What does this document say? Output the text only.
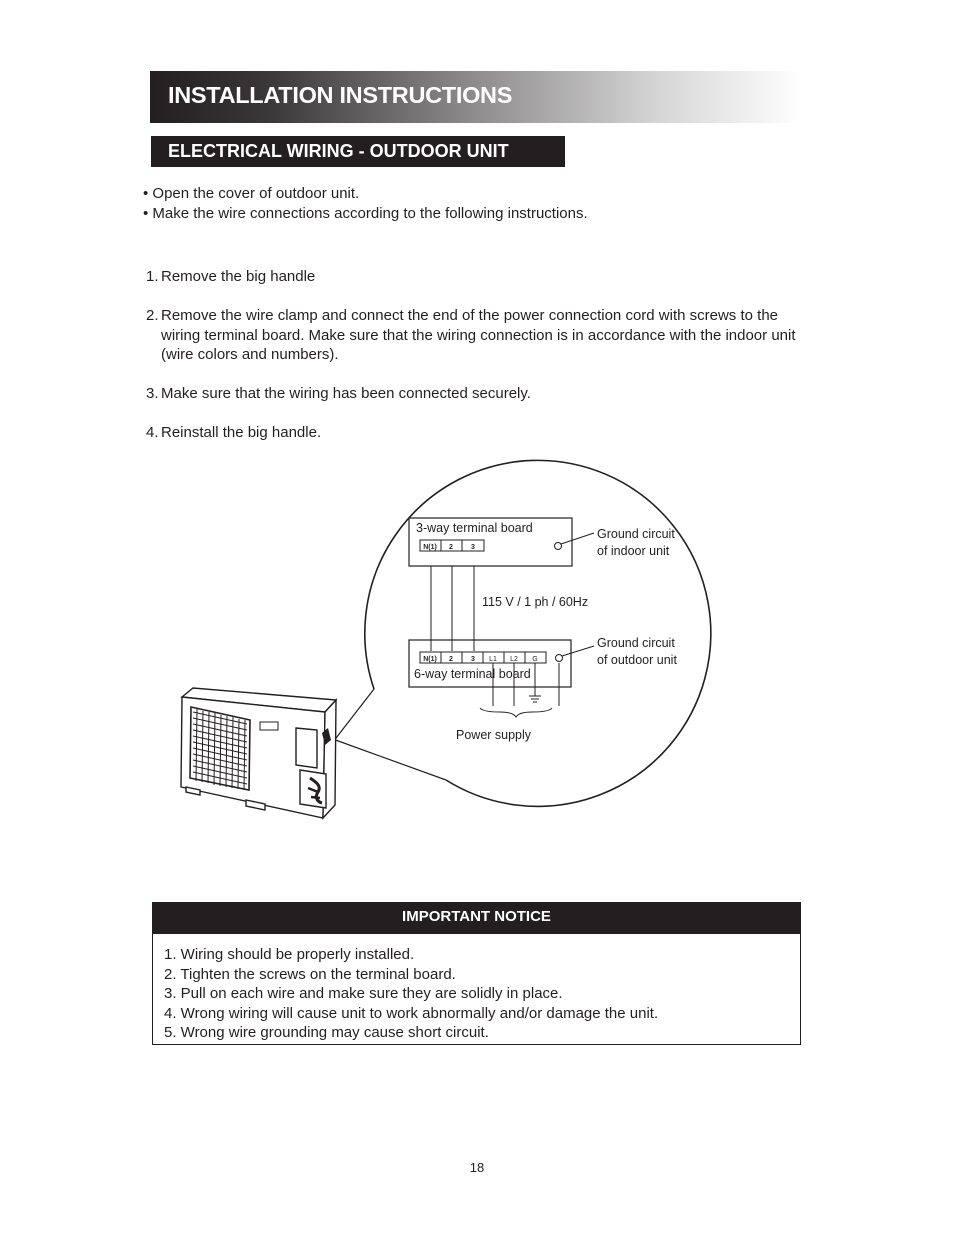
INSTALLATION INSTRUCTIONS
ELECTRICAL WIRING - OUTDOOR UNIT
• Open the cover of outdoor unit.
• Make the wire connections according to the following instructions.
1. Remove the big handle
2. Remove the wire clamp and connect the end of the power connection cord with screws to the wiring terminal board. Make sure that the wiring connection is in accordance with the indoor unit (wire colors and numbers).
3. Make sure that the wiring has been connected securely.
4. Reinstall the big handle.
3-way terminal board
N(1) 2	3
N(1) 2	3 L1 L2 G
6-way terminal board
115 V / 1 ph / 60Hz
Ground circuit
of indoor unit
Ground circuit
of outdoor unit
Power supply
IMPORTANT NOTICE
1. Wiring should be properly installed.
2. Tighten the screws on the terminal board.
3. Pull on each wire and make sure they are solidly in place.
4. Wrong wiring will cause unit to work abnormally and/or damage the unit.
5. Wrong wire grounding may cause short circuit.
18
